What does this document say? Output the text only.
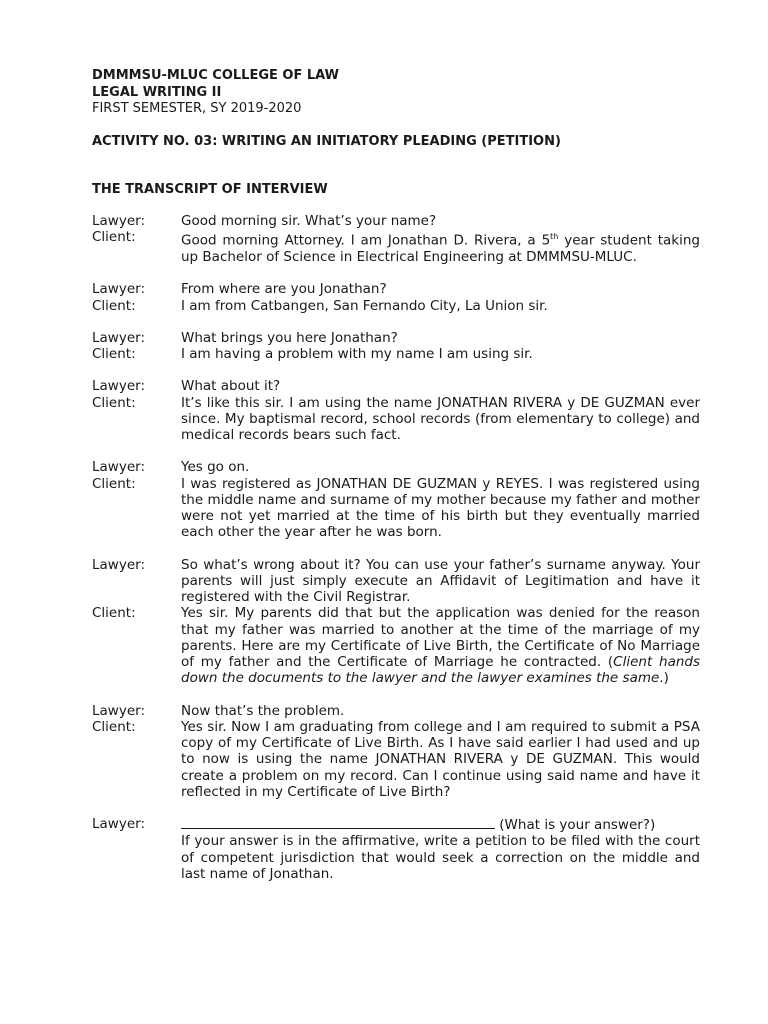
DMMMSU-MLUC COLLEGE OF LAW
LEGAL WRITING II
FIRST SEMESTER, SY 2019-2020
ACTIVITY NO. 03: WRITING AN INITIATORY PLEADING (PETITION)
THE TRANSCRIPT OF INTERVIEW
Lawyer:	Good morning sir. What’s your name?
Client:	Good morning Attorney. I am Jonathan D. Rivera, a 5th year student taking up Bachelor of Science in Electrical Engineering at DMMMSU-MLUC.
Lawyer:	From where are you Jonathan?
Client:	I am from Catbangen, San Fernando City, La Union sir.
Lawyer:	What brings you here Jonathan?
Client:	I am having a problem with my name I am using sir.
Lawyer:	What about it?
Client:	It’s like this sir. I am using the name JONATHAN RIVERA y DE GUZMAN ever since. My baptismal record, school records (from elementary to college) and medical records bears such fact.
Lawyer:	Yes go on.
Client:	I was registered as JONATHAN DE GUZMAN y REYES. I was registered using the middle name and surname of my mother because my father and mother were not yet married at the time of his birth but they eventually married each other the year after he was born.
Lawyer:	So what’s wrong about it? You can use your father’s surname anyway. Your parents will just simply execute an Affidavit of Legitimation and have it registered with the Civil Registrar.
Client:	Yes sir. My parents did that but the application was denied for the reason that my father was married to another at the time of the marriage of my parents. Here are my Certificate of Live Birth, the Certificate of No Marriage of my father and the Certificate of Marriage he contracted. (Client hands down the documents to the lawyer and the lawyer examines the same.)
Lawyer:	Now that’s the problem.
Client:	Yes sir. Now I am graduating from college and I am required to submit a PSA copy of my Certificate of Live Birth. As I have said earlier I had used and up to now is using the name JONATHAN RIVERA y DE GUZMAN. This would create a problem on my record. Can I continue using said name and have it reflected in my Certificate of Live Birth?
Lawyer:	(What is your answer?)
If your answer is in the affirmative, write a petition to be filed with the court of competent jurisdiction that would seek a correction on the middle and last name of Jonathan.
